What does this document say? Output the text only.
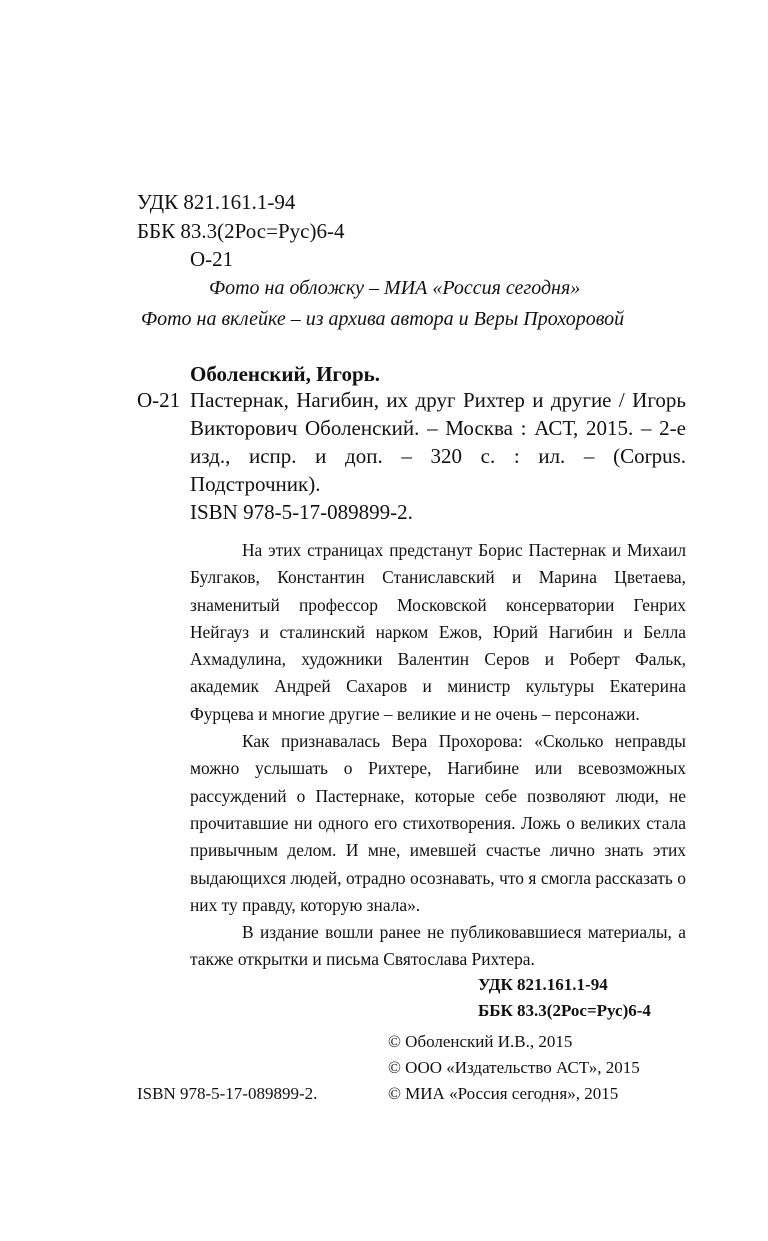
УДК 821.161.1-94
ББК 83.3(2Рос=Рус)6-4
О-21
Фото на обложку – МИА «Россия сегодня»
Фото на вклейке – из архива автора и Веры Прохоровой
Оболенский, Игорь.
О-21 Пастернак, Нагибин, их друг Рихтер и другие / Игорь Викторович Оболенский. – Москва : АСТ, 2015. – 2-е изд., испр. и доп. – 320 с. : ил. – (Corpus. Подстрочник).

ISBN 978-5-17-089899-2.

На этих страницах предстанут Борис Пастернак и Михаил Булгаков, Константин Станиславский и Марина Цветаева, знаменитый профессор Московской консерватории Генрих Нейгауз и сталинский нарком Ежов, Юрий Нагибин и Белла Ахмадулина, художники Валентин Серов и Роберт Фальк, академик Андрей Сахаров и министр культуры Екатерина Фурцева и многие другие – великие и не очень – персонажи.

Как признавалась Вера Прохорова: «Сколько неправды можно услышать о Рихтере, Нагибине или всевозможных рассуждений о Пастернаке, которые себе позволяют люди, не прочитавшие ни одного его стихотворения. Ложь о великих стала привычным делом. И мне, имевшей счастье лично знать этих выдающихся людей, отрадно осознавать, что я смогла рассказать о них ту правду, которую знала».

В издание вошли ранее не публиковавшиеся материалы, а также открытки и письма Святослава Рихтера.

УДК 821.161.1-94
ББК 83.3(2Рос=Рус)6-4
© Оболенский И.В., 2015
© ООО «Издательство АСТ», 2015
© МИА «Россия сегодня», 2015
ISBN 978-5-17-089899-2.
